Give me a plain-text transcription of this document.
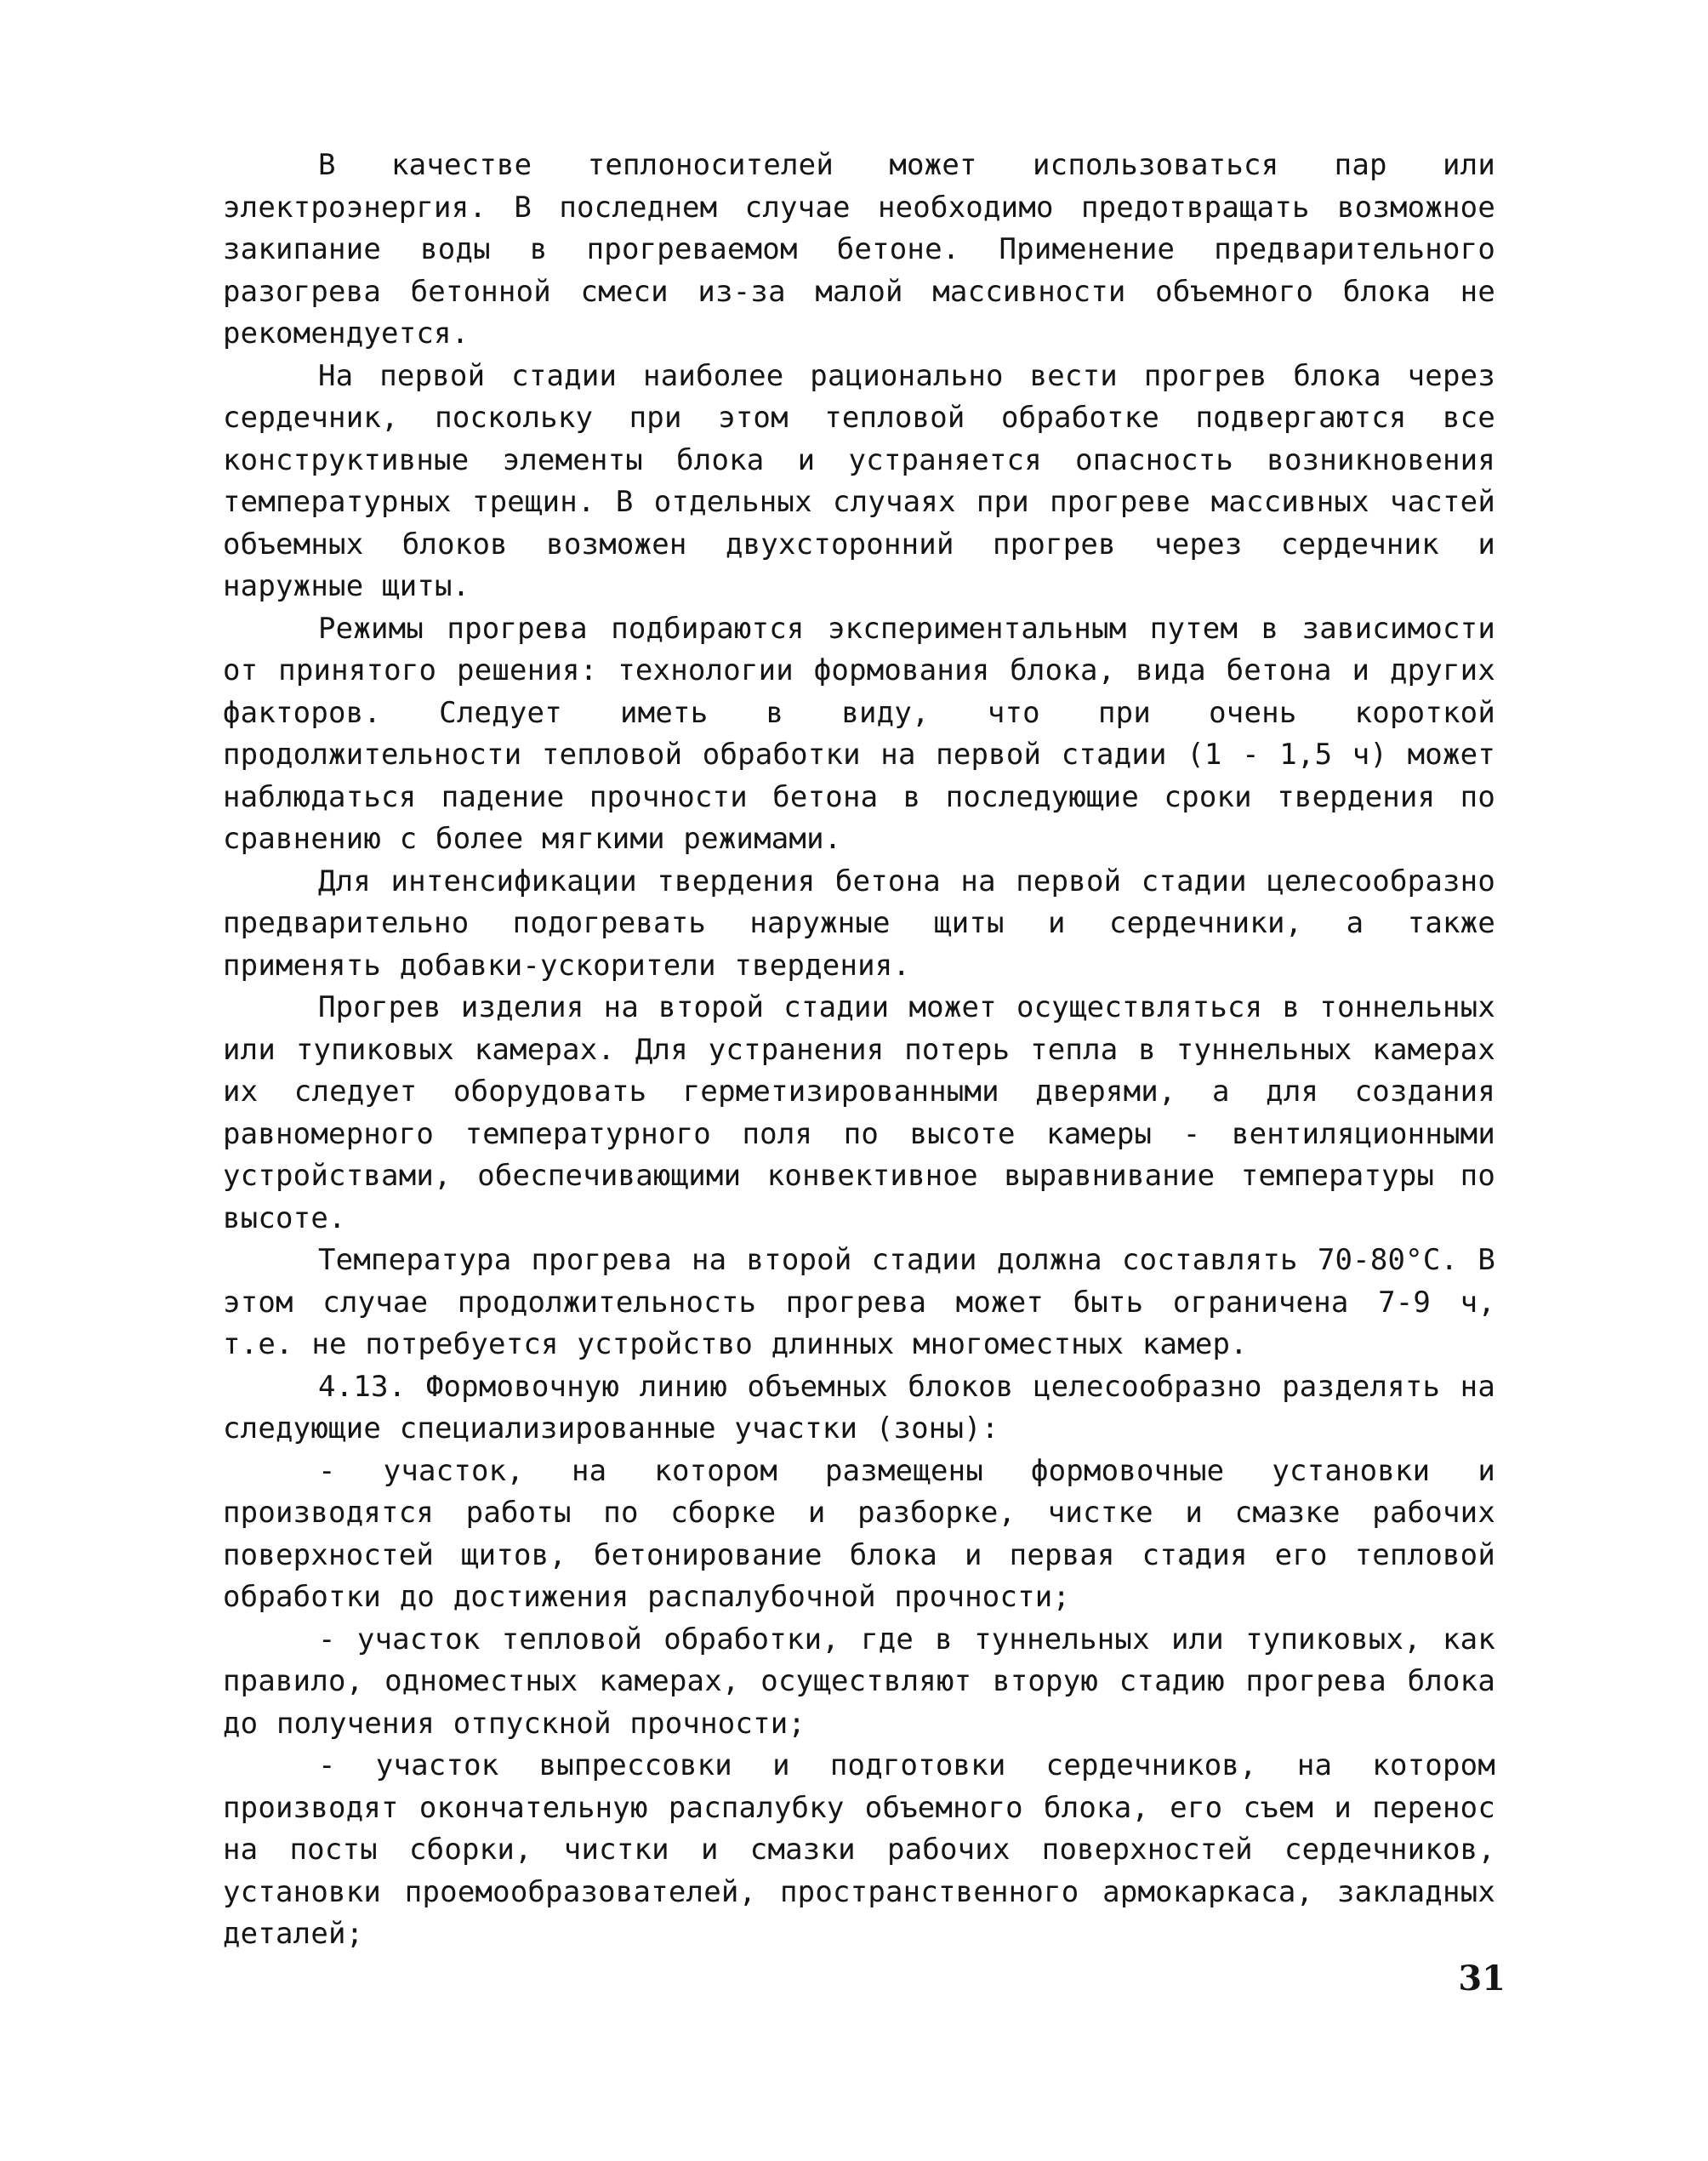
В качестве теплоносителей может использоваться пар или электроэнергия. В последнем случае необходимо предотвращать возможное закипание воды в прогреваемом бетоне. Применение предварительного разогрева бетонной смеси из-за малой массивности объемного блока не рекомендуется.

На первой стадии наиболее рационально вести прогрев блока через сердечник, поскольку при этом тепловой обработке подвергаются все конструктивные элементы блока и устраняется опасность возникновения температурных трещин. В отдельных случаях при прогреве массивных частей объемных блоков возможен двухсторонний прогрев через сердечник и наружные щиты.

Режимы прогрева подбираются экспериментальным путем в зависимости от принятого решения: технологии формования блока, вида бетона и других факторов. Следует иметь в виду, что при очень короткой продолжительности тепловой обработки на первой стадии (1 - 1,5 ч) может наблюдаться падение прочности бетона в последующие сроки твердения по сравнению с более мягкими режимами.

Для интенсификации твердения бетона на первой стадии целесообразно предварительно подогревать наружные щиты и сердечники, а также применять добавки-ускорители твердения.

Прогрев изделия на второй стадии может осуществляться в тоннельных или тупиковых камерах. Для устранения потерь тепла в туннельных камерах их следует оборудовать герметизированными дверями, а для создания равномерного температурного поля по высоте камеры - вентиляционными устройствами, обеспечивающими конвективное выравнивание температуры по высоте.

Температура прогрева на второй стадии должна составлять 70-80°С. В этом случае продолжительность прогрева может быть ограничена 7-9 ч, т.е. не потребуется устройство длинных многоместных камер.

4.13. Формовочную линию объемных блоков целесообразно разделять на следующие специализированные участки (зоны):

- участок, на котором размещены формовочные установки и производятся работы по сборке и разборке, чистке и смазке рабочих поверхностей щитов, бетонирование блока и первая стадия его тепловой обработки до достижения распалубочной прочности;

- участок тепловой обработки, где в туннельных или тупиковых, как правило, одноместных камерах, осуществляют вторую стадию прогрева блока до получения отпускной прочности;

- участок выпрессовки и подготовки сердечников, на котором производят окончательную распалубку объемного блока, его съем и перенос на посты сборки, чистки и смазки рабочих поверхностей сердечников, установки проемообразователей, пространственного армокаркаса, закладных деталей;

31
